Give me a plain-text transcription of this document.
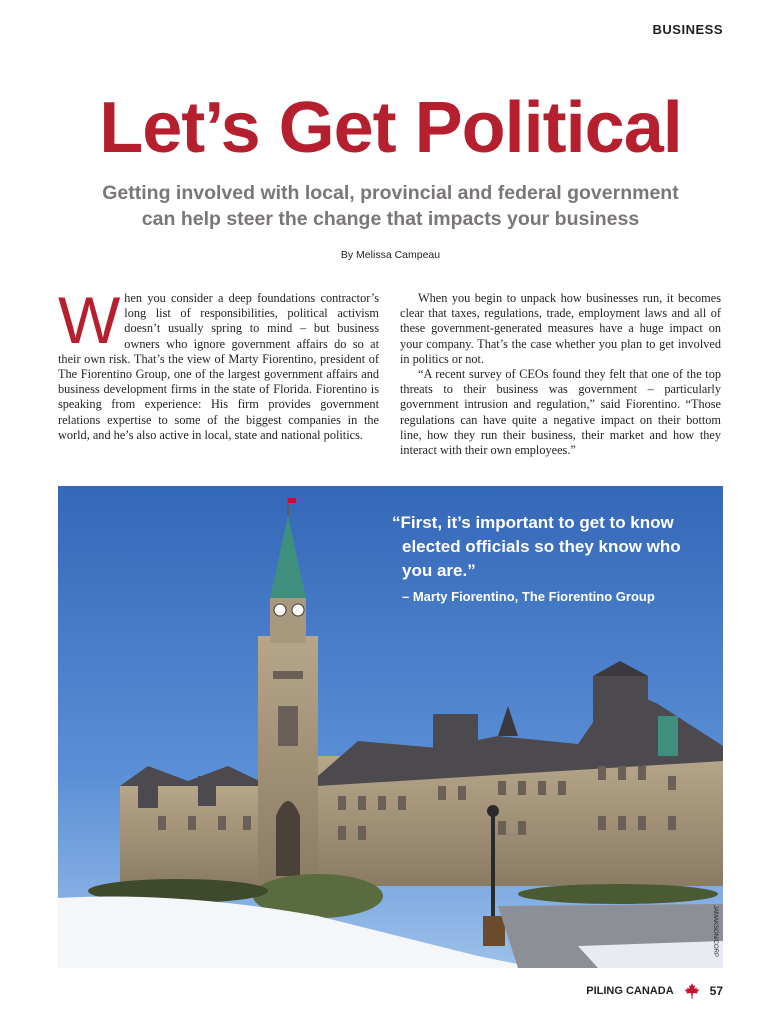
BUSINESS
Let’s Get Political
Getting involved with local, provincial and federal government
can help steer the change that impacts your business
By Melissa Campeau
W hen you consider a deep foundations contractor’s long list of responsibilities, political activism doesn’t usually spring to mind – but business owners who ignore government affairs do so at their own risk. That’s the view of Marty Fiorentino, president of The Fiorentino Group, one of the largest government affairs and business development firms in the state of Florida. Fiorentino is speaking from experience: His firm provides government relations expertise to some of the biggest companies in the world, and he’s also active in local, state and national politics.

When you begin to unpack how businesses run, it becomes clear that taxes, regulations, trade, employment laws and all of these government-generated measures have a huge impact on your company. That’s the case whether you plan to get involved in politics or not.

“A recent survey of CEOs found they felt that one of the top threats to their business was government – particularly government intrusion and regulation,” said Fiorentino. “Those regulations can have quite a negative impact on their bottom line, how they run their business, their market and how they interact with their own employees.”

“First, it’s important to get to know elected officials so they know who you are.”
– Marty Fiorentino, The Fiorentino Group
JAMAKSON/CORP
PILING CANADA	57
